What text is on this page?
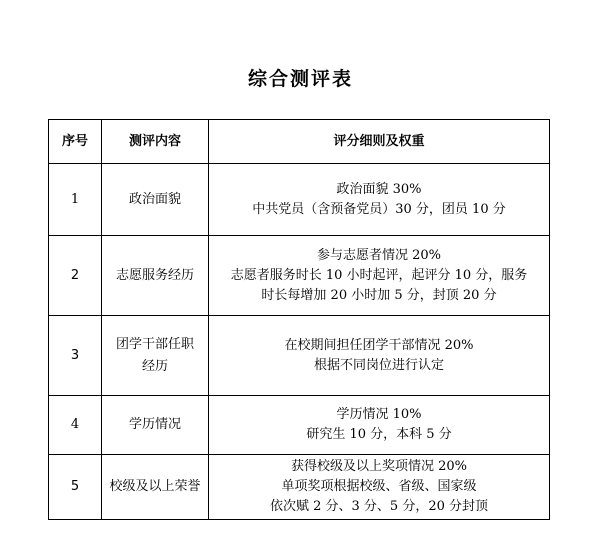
综合测评表
序号	测评内容	评分细则及权重
1	政治面貌	政治面貌 30%
中共党员（含预备党员）30 分，团员 10 分

2	志愿服务经历	参与志愿者情况 20%
志愿者服务时长 10 小时起评，起评分 10 分，服务
时长每增加 20 小时加 5 分，封顶 20 分

3	团学干部任职经历	在校期间担任团学干部情况 20%
根据不同岗位进行认定

4	学历情况	学历情况 10%
研究生 10 分，本科 5 分

5	校级及以上荣誉	获得校级及以上奖项情况 20%
单项奖项根据校级、省级、国家级
依次赋 2 分、3 分、5 分，20 分封顶
